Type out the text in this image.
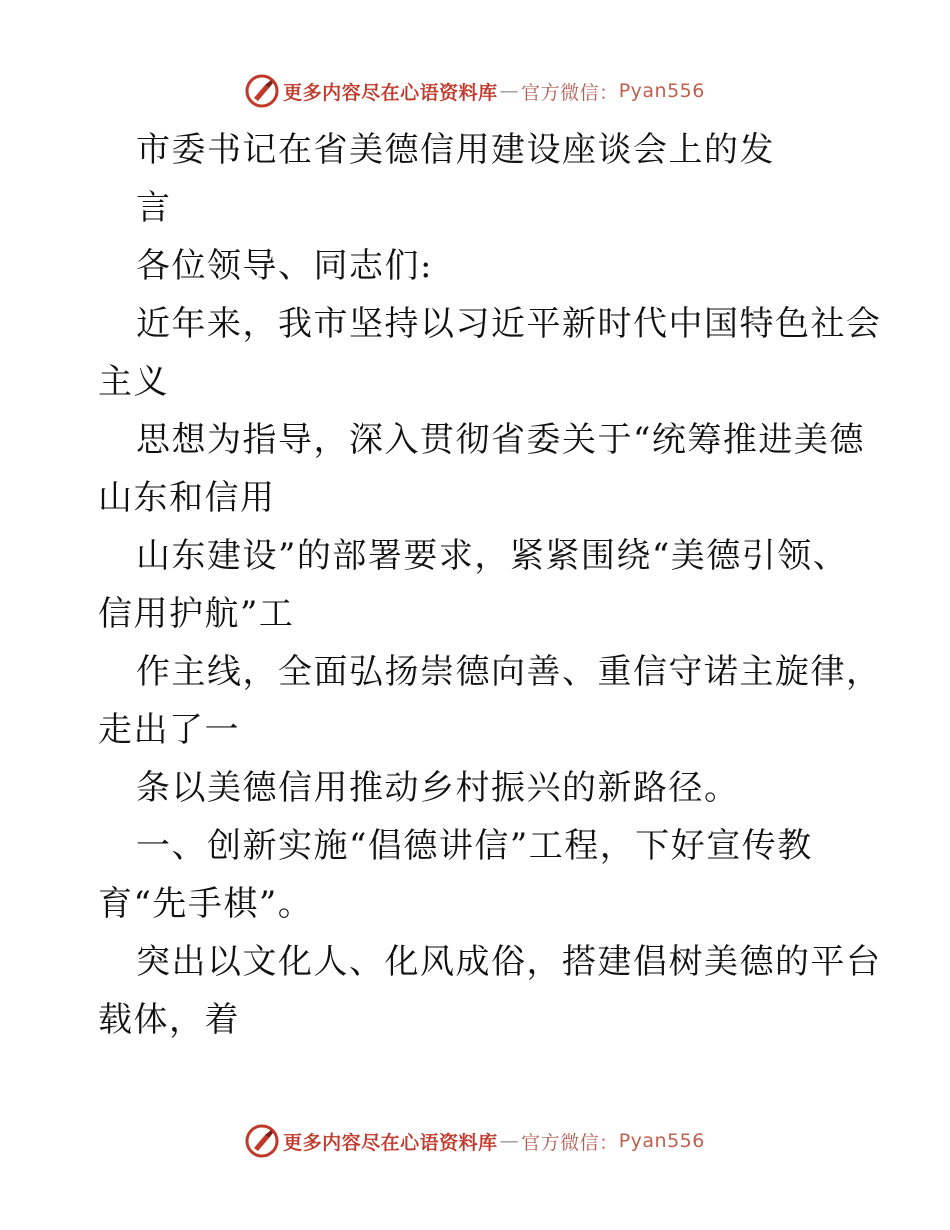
更多内容尽在心语资料库 — 官方微信： Pyan556
市委书记在省美德信用建设座谈会上的发
言
各位领导、同志们:
近年来，我市坚持以习近平新时代中国特色社会
主义
思想为指导，深入贯彻省委关于“统筹推进美德
山东和信用
山东建设”的部署要求，紧紧围绕“美德引领、
信用护航”工
作主线，全面弘扬崇德向善、重信守诺主旋律，
走出了一
条以美德信用推动乡村振兴的新路径。
一、创新实施“倡德讲信”工程，下好宣传教
育“先手棋”。
突出以文化人、化风成俗，搭建倡树美德的平台
载体，着
更多内容尽在心语资料库 — 官方微信： Pyan556
